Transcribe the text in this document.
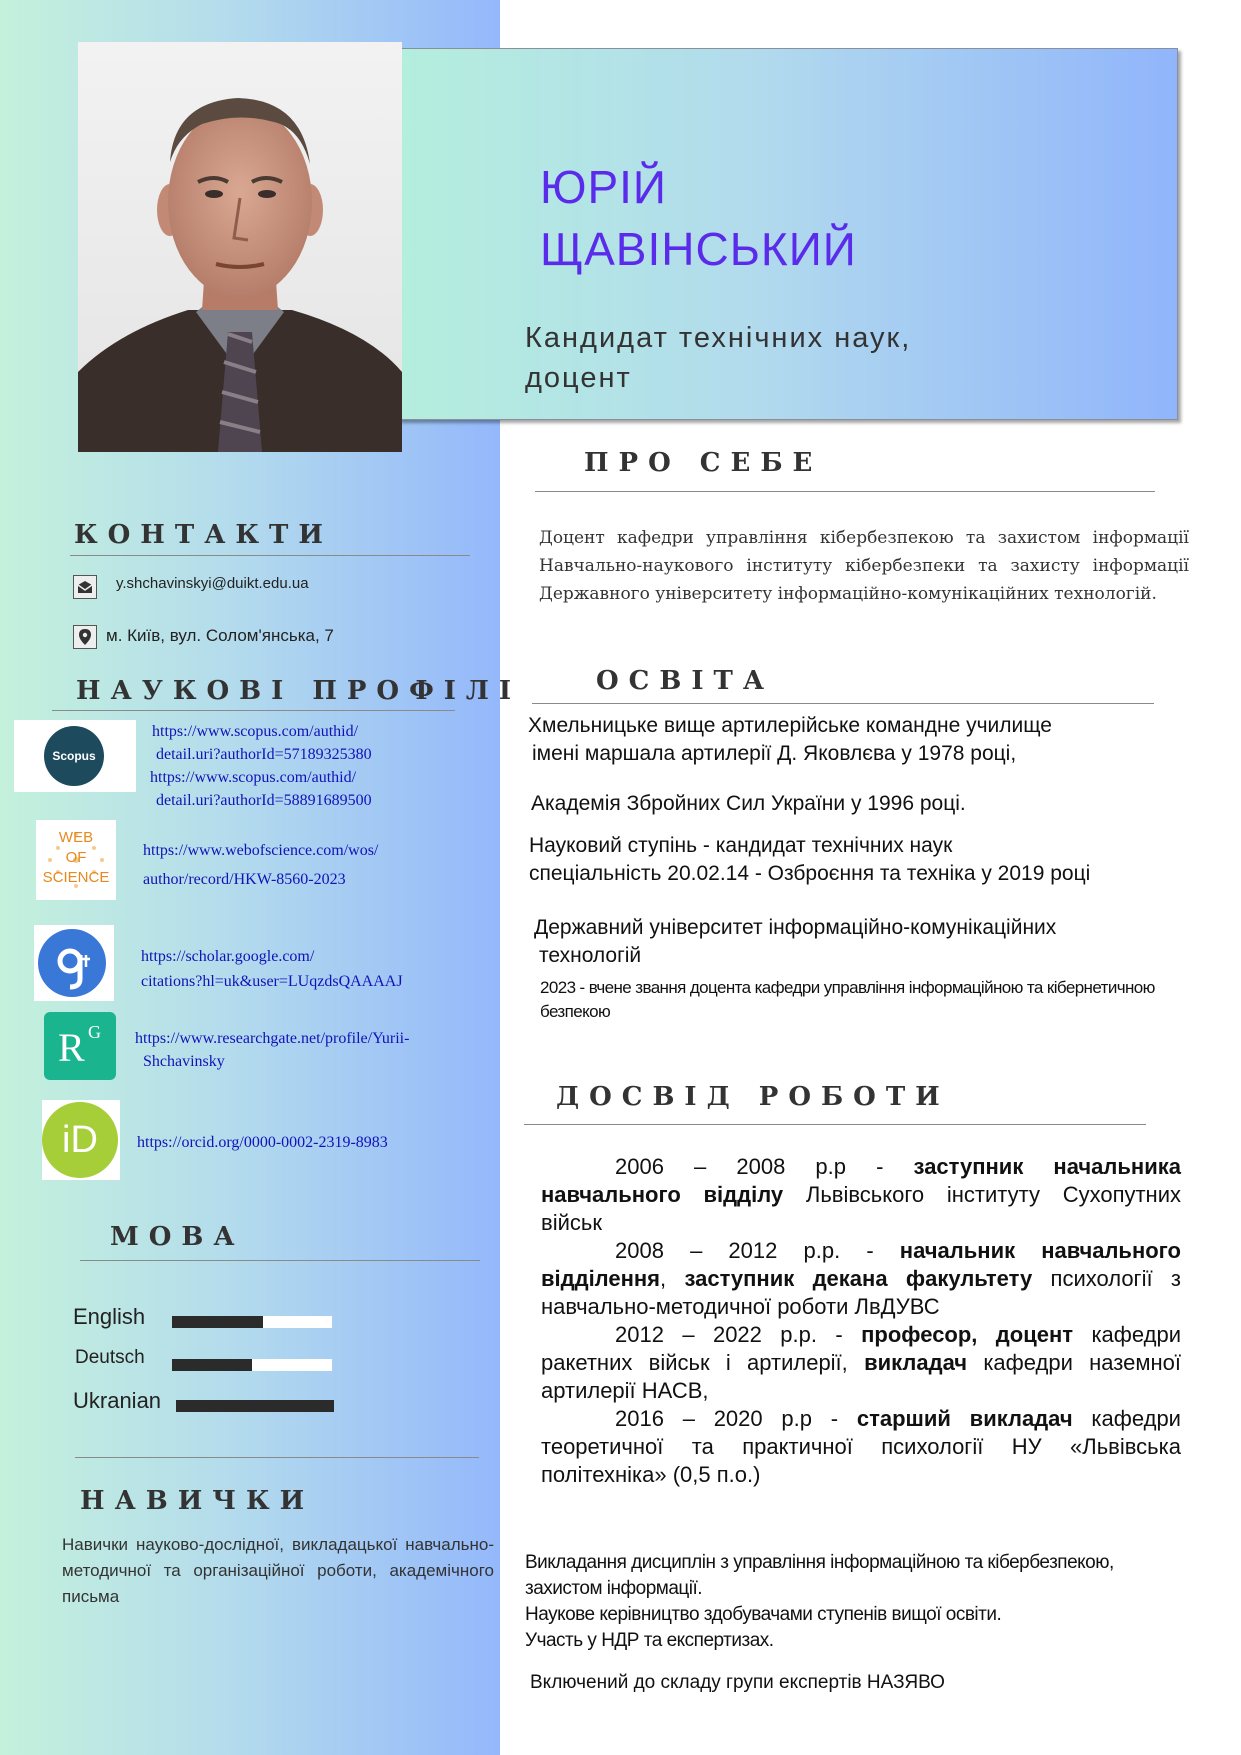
ЮРІЙ
ЩАВІНСЬКИЙ
Кандидат технічних наук,
доцент
ПРО СЕБЕ
Доцент кафедри управління кібербезпекою та захистом інформації Навчально-наукового інституту кібербезпеки та захисту інформації Державного університету інформаційно-комунікаційних технологій.
КОНТАКТИ
y.shchavinskyi@duikt.edu.ua
м. Київ, вул. Солом'янська, 7
НАУКОВІ ПРОФІЛІ
Scopus
https://www.scopus.com/authid/
detail.uri?authorId=57189325380
https://www.scopus.com/authid/
detail.uri?authorId=58891689500
WEB
OF
SCIENCE
https://www.webofscience.com/wos/
author/record/HKW-8560-2023
https://scholar.google.com/
citations?hl=uk&user=LUqzdsQAAAAJ
R G https://www.researchgate.net/profile/Yurii-
Shchavinsky
iD	https://orcid.org/0000-0002-2319-8983
МОВА
English
Deutsch
Ukranian
НАВИЧКИ
Навички науково-дослідної, викладацької навчально-методичної та організаційної роботи, академічного письма
ОСВІТА
Хмельницьке вище артилерійське командне училище
імені маршала артилерії Д. Яковлєва у 1978 році,
Академія Збройних Сил України у 1996 році.
Науковий ступінь - кандидат технічних наук
спеціальність 20.02.14 - Озброєння та техніка у 2019 році
Державний університет інформаційно-комунікаційних
технологій
2023 - вчене звання доцента кафедри управління інформаційною та кібернетичною безпекою
ДОСВІД РОБОТИ
2006 – 2008 р.р - заступник начальника навчального відділу Львівського інституту Сухопутних військ
2008 – 2012 р.р. - начальник навчального відділення, заступник декана факультету психології з навчально-методичної роботи ЛвДУВС
2012 – 2022 р.р. - професор, доцент кафедри ракетних військ і артилерії, викладач кафедри наземної артилерії НАСВ,
2016 – 2020 р.р - старший викладач кафедри теоретичної та практичної психології НУ «Львівська політехніка» (0,5 п.о.)
Викладання дисциплін з управління інформаційною та кібербезпекою,
захистом інформації.
Наукове керівництво здобувачами ступенів вищої освіти.
Участь у НДР та експертизах.
Включений до складу групи експертів НАЗЯВО
